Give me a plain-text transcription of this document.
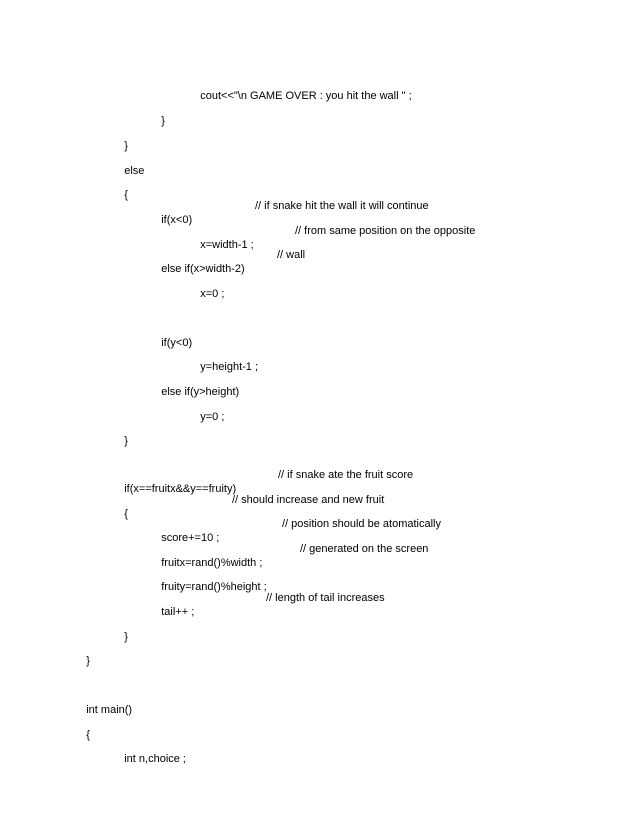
cout<<"\n GAME OVER : you hit the wall " ;

}

}

else

{

if(x<0)

// if snake hit the wall it will continue

x=width-1 ;

// from same position on the opposite

else if(x>width-2)

// wall

x=0 ;

if(y<0)

y=height-1 ;

else if(y>height)

y=0 ;

}

if(x==fruitx&&y==fruity)

// if snake ate the fruit score

{

// should increase and new fruit

score+=10 ;

// position should be atomatically

fruitx=rand()%width ;

// generated on the screen

fruity=rand()%height ;

tail++ ;

// length of tail increases

}

}

int main()

{

int n,choice ;
